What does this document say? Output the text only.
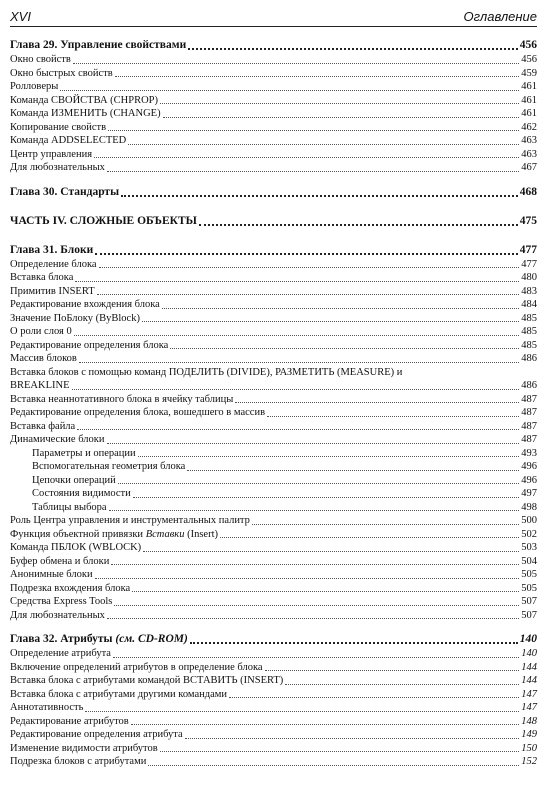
XVI	Оглавление
Глава 29. Управление свойствами	456
Окно свойств	456
Окно быстрых свойств	459
Ролловеры	461
Команда СВОЙСТВА (CHPROP)	461
Команда ИЗМЕНИТЬ (CHANGE)	461
Копирование свойств	462
Команда ADDSELECTED	463
Центр управления	463
Для любознательных	467
Глава 30. Стандарты	468
ЧАСТЬ IV. СЛОЖНЫЕ ОБЪЕКТЫ	475
Глава 31. Блоки	477
Определение блока	477
Вставка блока	480
Примитив INSERT	483
Редактирование вхождения блока	484
Значение ПоБлоку (ByBlock)	485
О роли слоя 0	485
Редактирование определения блока	485
Массив блоков	486
Вставка блоков с помощью команд ПОДЕЛИТЬ (DIVIDE), РАЗМЕТИТЬ (MEASURE) и
BREAKLINE	486
Вставка неаннотативного блока в ячейку таблицы	487
Редактирование определения блока, вошедшего в массив	487
Вставка файла	487
Динамические блоки	487
Параметры и операции	493
Вспомогательная геометрия блока	496
Цепочки операций	496
Состояния видимости	497
Таблицы выбора	498
Роль Центра управления и инструментальных палитр	500
Функция объектной привязки Вставки (Insert)	502
Команда ПБЛОК (WBLOCK)	503
Буфер обмена и блоки	504
Анонимные блоки	505
Подрезка вхождения блока	505
Средства Express Tools	507
Для любознательных	507
Глава 32. Атрибуты (см. CD-ROM)	140
Определение атрибута	140
Включение определений атрибутов в определение блока	144
Вставка блока с атрибутами командой ВСТАВИТЬ (INSERT)	144
Вставка блока с атрибутами другими командами	147
Аннотативность	147
Редактирование атрибутов	148
Редактирование определения атрибута	149
Изменение видимости атрибутов	150
Подрезка блоков с атрибутами	152
